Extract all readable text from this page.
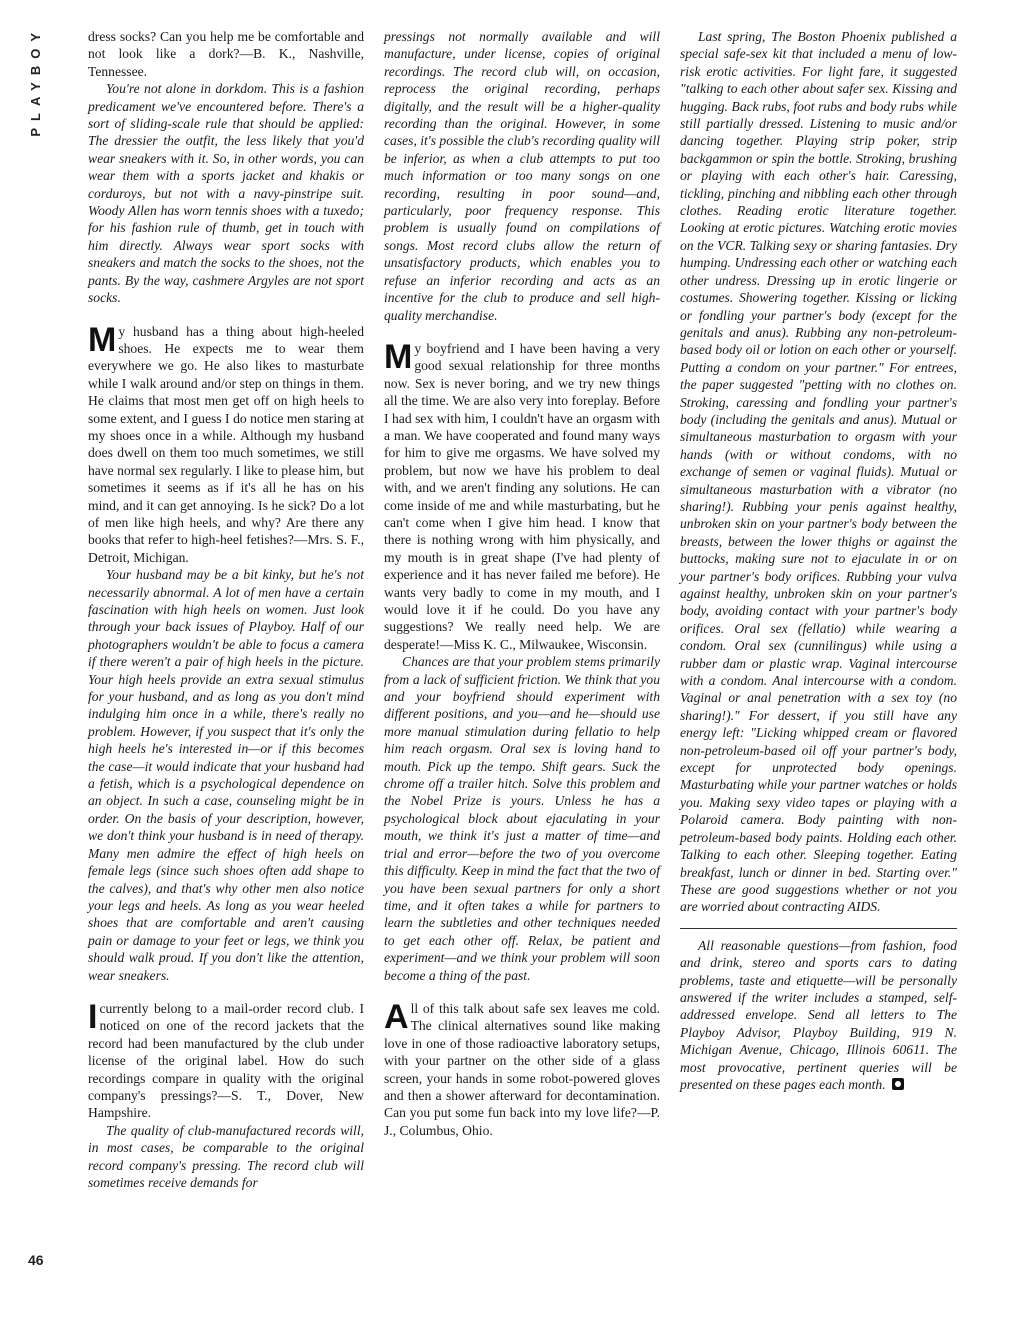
PLAYBOY
46

dress socks? Can you help me be comfortable and not look like a dork?—B. K., Nashville, Tennessee.

You're not alone in dorkdom. This is a fashion predicament we've encountered before. There's a sort of sliding-scale rule that should be applied: The dressier the outfit, the less likely that you'd wear sneakers with it. So, in other words, you can wear them with a sports jacket and khakis or corduroys, but not with a navy-pinstripe suit. Woody Allen has worn tennis shoes with a tuxedo; for his fashion rule of thumb, get in touch with him directly. Always wear sport socks with sneakers and match the socks to the shoes, not the pants. By the way, cashmere Argyles are not sport socks.

My husband has a thing about high-heeled shoes. He expects me to wear them everywhere we go. He also likes to masturbate while I walk around and/or step on things in them. He claims that most men get off on high heels to some extent, and I guess I do notice men staring at my shoes once in a while. Although my husband does dwell on them too much sometimes, we still have normal sex regularly. I like to please him, but sometimes it seems as if it's all he has on his mind, and it can get annoying. Is he sick? Do a lot of men like high heels, and why? Are there any books that refer to high-heel fetishes?—Mrs. S. F., Detroit, Michigan.

Your husband may be a bit kinky, but he's not necessarily abnormal. A lot of men have a certain fascination with high heels on women. Just look through your back issues of Playboy. Half of our photographers wouldn't be able to focus a camera if there weren't a pair of high heels in the picture. Your high heels provide an extra sexual stimulus for your husband, and as long as you don't mind indulging him once in a while, there's really no problem. However, if you suspect that it's only the high heels he's interested in—or if this becomes the case—it would indicate that your husband had a fetish, which is a psychological dependence on an object. In such a case, counseling might be in order. On the basis of your description, however, we don't think your husband is in need of therapy. Many men admire the effect of high heels on female legs (since such shoes often add shape to the calves), and that's why other men also notice your legs and heels. As long as you wear heeled shoes that are comfortable and aren't causing pain or damage to your feet or legs, we think you should walk proud. If you don't like the attention, wear sneakers.

Icurrently belong to a mail-order record club. I noticed on one of the record jackets that the record had been manufactured by the club under license of the original label. How do such recordings compare in quality with the original company's pressings?—S. T., Dover, New Hampshire.

The quality of club-manufactured records will, in most cases, be comparable to the original record company's pressing. The record club will sometimes receive demands for

pressings not normally available and will manufacture, under license, copies of original recordings. The record club will, on occasion, reprocess the original recording, perhaps digitally, and the result will be a higher-quality recording than the original. However, in some cases, it's possible the club's recording quality will be inferior, as when a club attempts to put too much information or too many songs on one recording, resulting in poor sound—and, particularly, poor frequency response. This problem is usually found on compilations of songs. Most record clubs allow the return of unsatisfactory products, which enables you to refuse an inferior recording and acts as an incentive for the club to produce and sell high-quality merchandise.

My boyfriend and I have been having a very good sexual relationship for three months now. Sex is never boring, and we try new things all the time. We are also very into foreplay. Before I had sex with him, I couldn't have an orgasm with a man. We have cooperated and found many ways for him to give me orgasms. We have solved my problem, but now we have his problem to deal with, and we aren't finding any solutions. He can come inside of me and while masturbating, but he can't come when I give him head. I know that there is nothing wrong with him physically, and my mouth is in great shape (I've had plenty of experience and it has never failed me before). He wants very badly to come in my mouth, and I would love it if he could. Do you have any suggestions? We really need help. We are desperate!—Miss K. C., Milwaukee, Wisconsin.

Chances are that your problem stems primarily from a lack of sufficient friction. We think that you and your boyfriend should experiment with different positions, and you—and he—should use more manual stimulation during fellatio to help him reach orgasm. Oral sex is loving hand to mouth. Pick up the tempo. Shift gears. Suck the chrome off a trailer hitch. Solve this problem and the Nobel Prize is yours. Unless he has a psychological block about ejaculating in your mouth, we think it's just a matter of time—and trial and error—before the two of you overcome this difficulty. Keep in mind the fact that the two of you have been sexual partners for only a short time, and it often takes a while for partners to learn the subtleties and other techniques needed to get each other off. Relax, be patient and experiment—and we think your problem will soon become a thing of the past.

All of this talk about safe sex leaves me cold. The clinical alternatives sound like making love in one of those radioactive laboratory setups, with your partner on the other side of a glass screen, your hands in some robot-powered gloves and then a shower afterward for decontamination. Can you put some fun back into my love life?—P. J., Columbus, Ohio.

Last spring, The Boston Phoenix published a special safe-sex kit that included a menu of low-risk erotic activities. For light fare, it suggested "talking to each other about safer sex. Kissing and hugging. Back rubs, foot rubs and body rubs while still partially dressed. Listening to music and/or dancing together. Playing strip poker, strip backgammon or spin the bottle. Stroking, brushing or playing with each other's hair. Caressing, tickling, pinching and nibbling each other through clothes. Reading erotic literature together. Looking at erotic pictures. Watching erotic movies on the VCR. Talking sexy or sharing fantasies. Dry humping. Undressing each other or watching each other undress. Dressing up in erotic lingerie or costumes. Showering together. Kissing or licking or fondling your partner's body (except for the genitals and anus). Rubbing any non-petroleum-based body oil or lotion on each other or yourself. Putting a condom on your partner." For entrees, the paper suggested "petting with no clothes on. Stroking, caressing and fondling your partner's body (including the genitals and anus). Mutual or simultaneous masturbation to orgasm with your hands (with or without condoms, with no exchange of semen or vaginal fluids). Mutual or simultaneous masturbation with a vibrator (no sharing!). Rubbing your penis against healthy, unbroken skin on your partner's body between the breasts, between the lower thighs or against the buttocks, making sure not to ejaculate in or on your partner's body orifices. Rubbing your vulva against healthy, unbroken skin on your partner's body, avoiding contact with your partner's body orifices. Oral sex (fellatio) while wearing a condom. Oral sex (cunnilingus) while using a rubber dam or plastic wrap. Vaginal intercourse with a condom. Anal intercourse with a condom. Vaginal or anal penetration with a sex toy (no sharing!)." For dessert, if you still have any energy left: "Licking whipped cream or flavored non-petroleum-based oil off your partner's body, except for unprotected body openings. Masturbating while your partner watches or holds you. Making sexy video tapes or playing with a Polaroid camera. Body painting with non-petroleum-based body paints. Holding each other. Talking to each other. Sleeping together. Eating breakfast, lunch or dinner in bed. Starting over." These are good suggestions whether or not you are worried about contracting AIDS.

All reasonable questions—from fashion, food and drink, stereo and sports cars to dating problems, taste and etiquette—will be personally answered if the writer includes a stamped, self-addressed envelope. Send all letters to The Playboy Advisor, Playboy Building, 919 N. Michigan Avenue, Chicago, Illinois 60611. The most provocative, pertinent queries will be presented on these pages each month.
